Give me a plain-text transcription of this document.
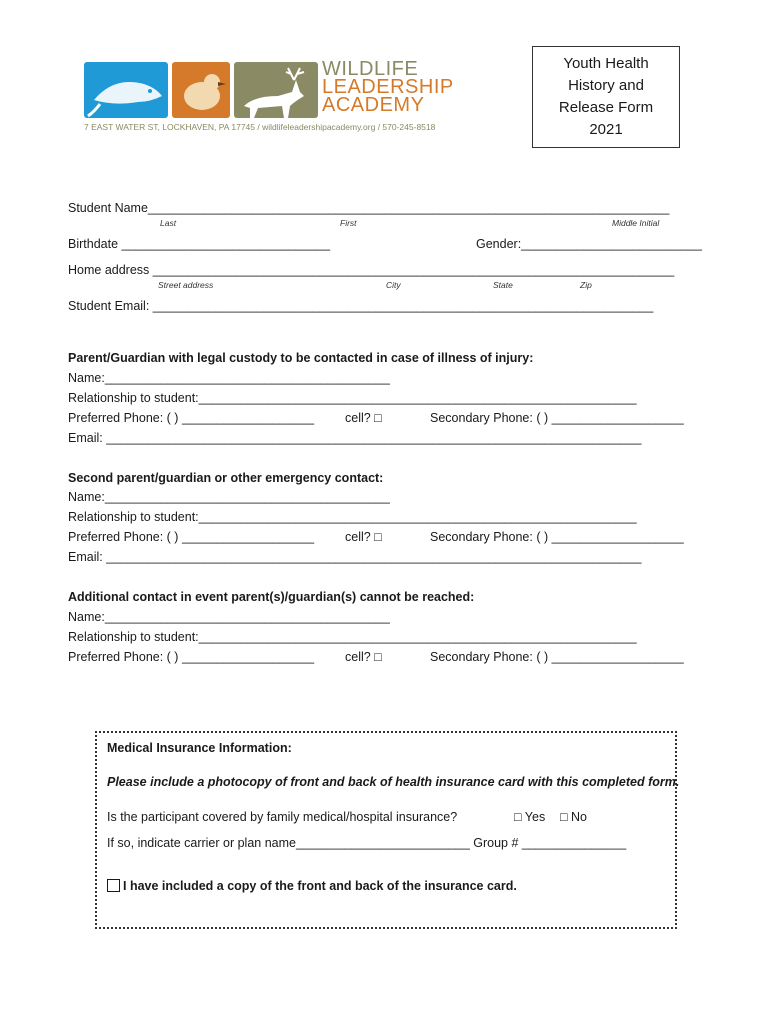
WILDLIFE
LEADERSHIP
ACADEMY
7 EAST WATER ST, LOCKHAVEN, PA 17745 / wildlifeleadershipacademy.org / 570-245-8518
Youth Health
History and
Release Form
2021
Student Name___________________________________________________________________________
Last	First	Middle Initial
Birthdate ______________________________	Gender:__________________________
Home address ___________________________________________________________________________
Street address	City	State	Zip
Student Email: ________________________________________________________________________
Parent/Guardian with legal custody to be contacted in case of illness of injury:
Name:_________________________________________
Relationship to student:_______________________________________________________________
Preferred Phone: ( ) ___________________ cell? □	Secondary Phone: ( ) ___________________
Email: _____________________________________________________________________________
Second parent/guardian or other emergency contact:
Name:_________________________________________
Relationship to student:_______________________________________________________________
Preferred Phone: ( ) ___________________ cell? □	Secondary Phone: ( ) ___________________
Email: _____________________________________________________________________________
Additional contact in event parent(s)/guardian(s) cannot be reached:
Name:_________________________________________
Relationship to student:_______________________________________________________________
Preferred Phone: ( ) ___________________ cell? □	Secondary Phone: ( ) ___________________
Medical Insurance Information:
Please include a photocopy of front and back of health insurance card with this completed form.
Is the participant covered by family medical/hospital insurance?	□ Yes □ No
If so, indicate carrier or plan name_________________________ Group # _______________
I have included a copy of the front and back of the insurance card.
